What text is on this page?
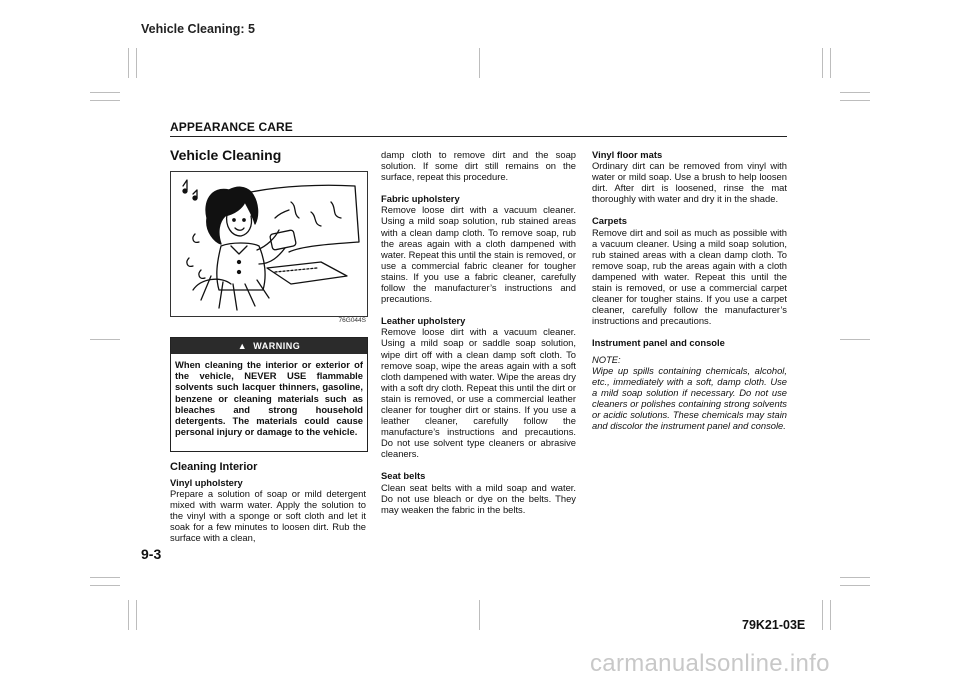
Vehicle Cleaning: 5
APPEARANCE CARE
Vehicle Cleaning
76G044S
▲ WARNING
When cleaning the interior or exterior of the vehicle, NEVER USE flammable solvents such lacquer thinners, gasoline, benzene or cleaning materials such as bleaches and strong household detergents. The materials could cause personal injury or damage to the vehicle.
Cleaning Interior

Vinyl upholstery

Prepare a solution of soap or mild detergent mixed with warm water. Apply the solution to the vinyl with a sponge or soft cloth and let it soak for a few minutes to loosen dirt. Rub the surface with a clean,

damp cloth to remove dirt and the soap solution. If some dirt still remains on the surface, repeat this procedure.

Fabric upholstery

Remove loose dirt with a vacuum cleaner. Using a mild soap solution, rub stained areas with a clean damp cloth. To remove soap, rub the areas again with a cloth dampened with water. Repeat this until the stain is removed, or use a commercial fabric cleaner for tougher stains. If you use a fabric cleaner, carefully follow the manufacturer’s instructions and precautions.

Leather upholstery

Remove loose dirt with a vacuum cleaner. Using a mild soap or saddle soap solution, wipe dirt off with a clean damp soft cloth. To remove soap, wipe the areas again with a soft cloth dampened with water. Wipe the areas dry with a soft dry cloth. Repeat this until the dirt or stain is removed, or use a commercial leather cleaner for tougher dirt or stains. If you use a leather cleaner, carefully follow the manufacture’s instructions and precautions. Do not use solvent type cleaners or abrasive cleaners.

Seat belts

Clean seat belts with a mild soap and water. Do not use bleach or dye on the belts. They may weaken the fabric in the belts.

Vinyl floor mats

Ordinary dirt can be removed from vinyl with water or mild soap. Use a brush to help loosen dirt. After dirt is loosened, rinse the mat thoroughly with water and dry it in the shade.

Carpets

Remove dirt and soil as much as possible with a vacuum cleaner. Using a mild soap solution, rub stained areas with a clean damp cloth. To remove soap, rub the areas again with a cloth dampened with water. Repeat this until the stain is removed, or use a commercial carpet cleaner for tougher stains. If you use a carpet cleaner, carefully follow the manufacturer’s instructions and precautions.

Instrument panel and console

NOTE:

Wipe up spills containing chemicals, alcohol, etc., immediately with a soft, damp cloth. Use a mild soap solution if necessary. Do not use cleaners or polishes containing strong solvents or acidic solutions. These chemicals may stain and discolor the instrument panel and console.

9-3
79K21-03E
carmanualsonline.info
